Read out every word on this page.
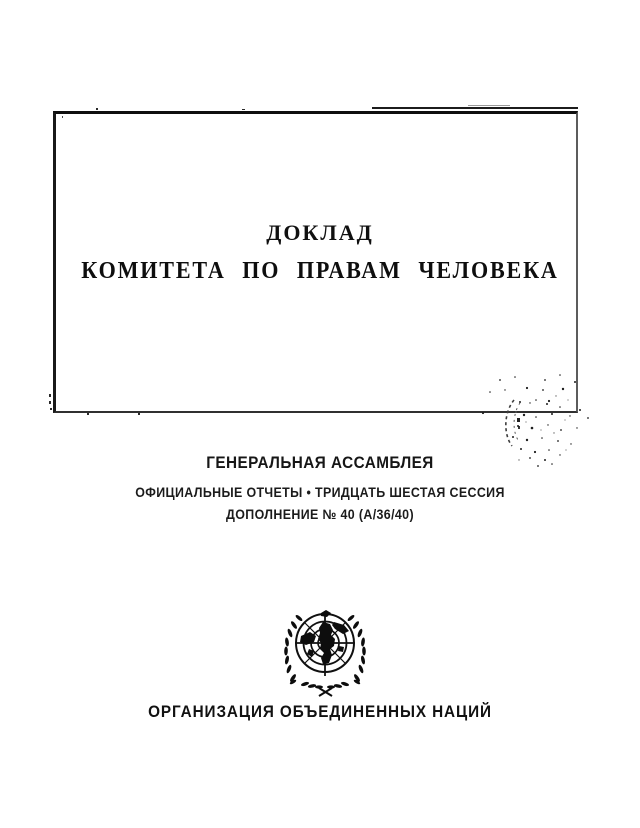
ДОКЛАД
КОМИТЕТА ПО ПРАВАМ ЧЕЛОВЕКА
ГЕНЕРАЛЬНАЯ АССАМБЛЕЯ
ОФИЦИАЛЬНЫЕ ОТЧЕТЫ • ТРИДЦАТЬ ШЕСТАЯ СЕССИЯ
ДОПОЛНЕНИЕ № 40 (А/36/40)
ОРГАНИЗАЦИЯ ОБЪЕДИНЕННЫХ НАЦИЙ
